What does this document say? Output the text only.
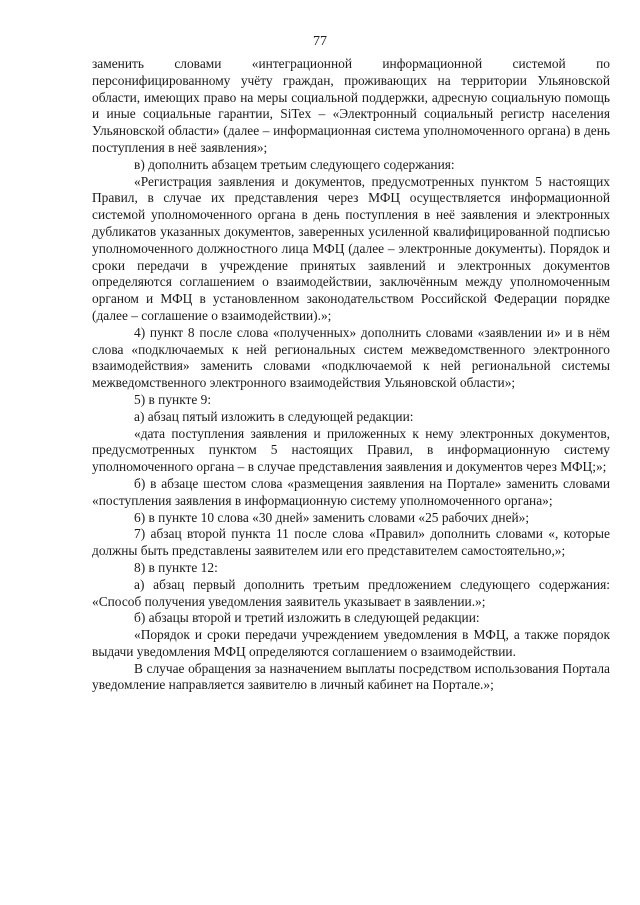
77

заменить словами «интеграционной информационной системой по персонифицированному учёту граждан, проживающих на территории Ульяновской области, имеющих право на меры социальной поддержки, адресную социальную помощь и иные социальные гарантии, SiTex – «Электронный социальный регистр населения Ульяновской области» (далее – информационная система уполномоченного органа) в день поступления в неё заявления»;

в) дополнить абзацем третьим следующего содержания:

«Регистрация заявления и документов, предусмотренных пунктом 5 настоящих Правил, в случае их представления через МФЦ осуществляется информационной системой уполномоченного органа в день поступления в неё заявления и электронных дубликатов указанных документов, заверенных усиленной квалифицированной подписью уполномоченного должностного лица МФЦ (далее – электронные документы). Порядок и сроки передачи в учреждение принятых заявлений и электронных документов определяются соглашением о взаимодействии, заключённым между уполномоченным органом и МФЦ в установленном законодательством Российской Федерации порядке (далее – соглашение о взаимодействии).»;

4) пункт 8 после слова «полученных» дополнить словами «заявлении и» и в нём слова «подключаемых к ней региональных систем межведомственного электронного взаимодействия» заменить словами «подключаемой к ней региональной системы межведомственного электронного взаимодействия Ульяновской области»;

5) в пункте 9:

а) абзац пятый изложить в следующей редакции:

«дата поступления заявления и приложенных к нему электронных документов, предусмотренных пунктом 5 настоящих Правил, в информационную систему уполномоченного органа – в случае представления заявления и документов через МФЦ;»;

б) в абзаце шестом слова «размещения заявления на Портале» заменить словами «поступления заявления в информационную систему уполномоченного органа»;

6) в пункте 10 слова «30 дней» заменить словами «25 рабочих дней»;

7) абзац второй пункта 11 после слова «Правил» дополнить словами «, которые должны быть представлены заявителем или его представителем самостоятельно,»;

8) в пункте 12:

а) абзац первый дополнить третьим предложением следующего содержания: «Способ получения уведомления заявитель указывает в заявлении.»;

б) абзацы второй и третий изложить в следующей редакции:

«Порядок и сроки передачи учреждением уведомления в МФЦ, а также порядок выдачи уведомления МФЦ определяются соглашением о взаимодействии.

В случае обращения за назначением выплаты посредством использования Портала уведомление направляется заявителю в личный кабинет на Портале.»;
